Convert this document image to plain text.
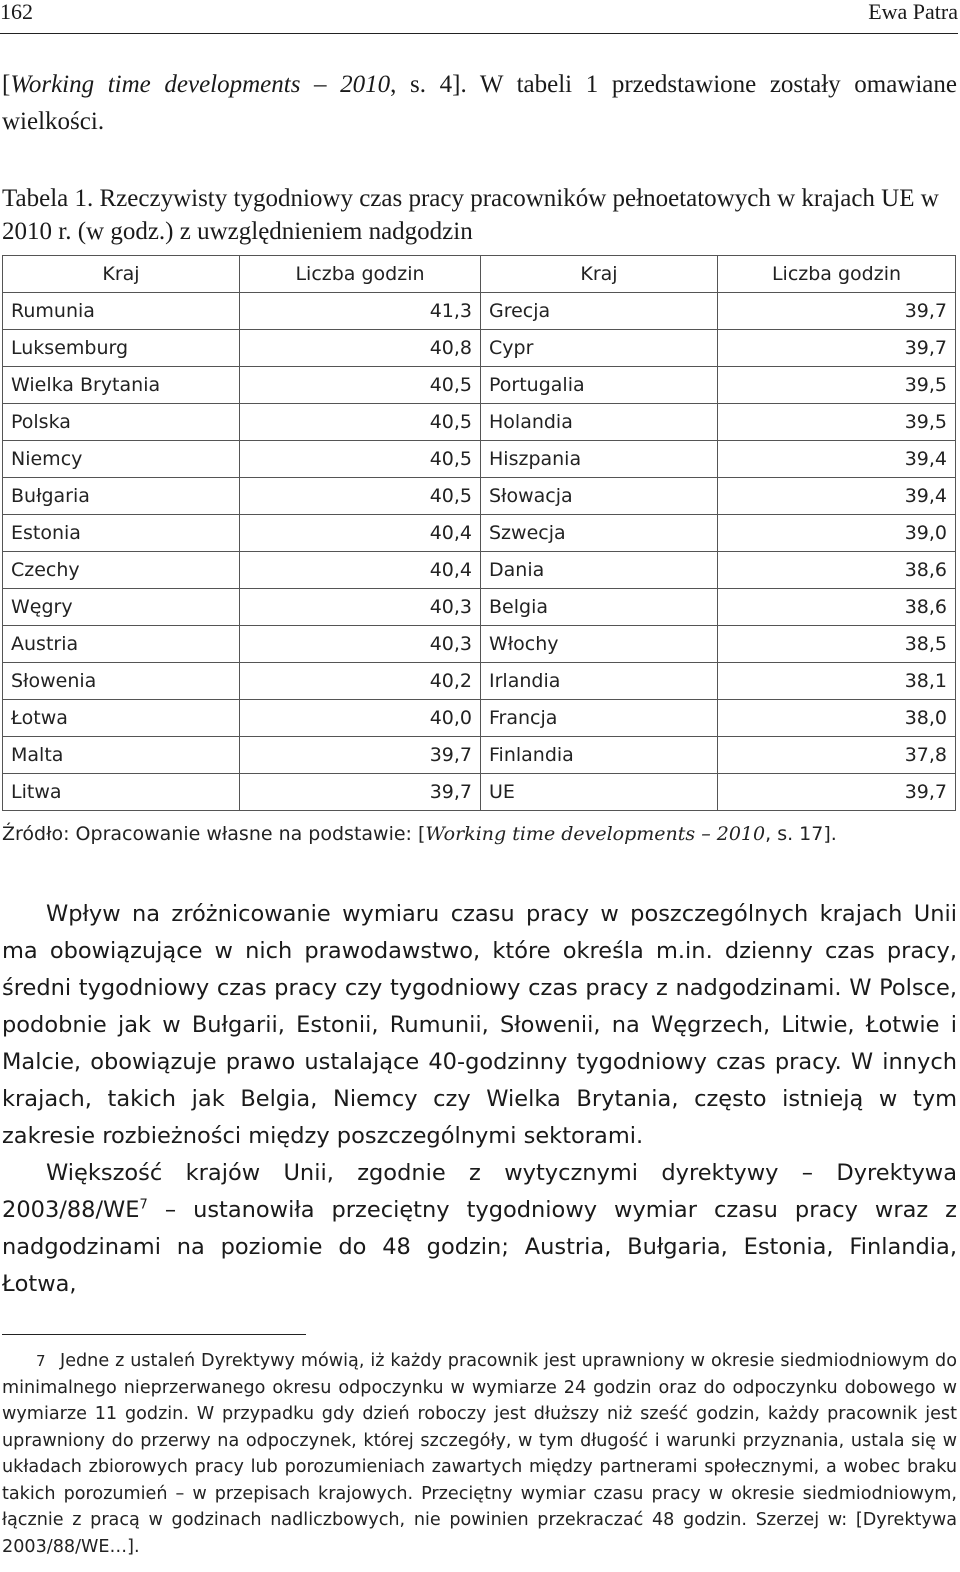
162	Ewa Patra
[Working time developments – 2010, s. 4]. W tabeli 1 przedstawione zostały omawiane wielkości.
Tabela 1. Rzeczywisty tygodniowy czas pracy pracowników pełnoetatowych w krajach UE w 2010 r. (w godz.) z uwzględnieniem nadgodzin
Kraj	Liczba godzin	Kraj	Liczba godzin
Rumunia	41,3	Grecja	39,7
Luksemburg	40,8	Cypr	39,7
Wielka Brytania	40,5	Portugalia	39,5
Polska	40,5	Holandia	39,5
Niemcy	40,5	Hiszpania	39,4
Bułgaria	40,5	Słowacja	39,4
Estonia	40,4	Szwecja	39,0
Czechy	40,4	Dania	38,6
Węgry	40,3	Belgia	38,6
Austria	40,3	Włochy	38,5
Słowenia	40,2	Irlandia	38,1
Łotwa	40,0	Francja	38,0
Malta	39,7	Finlandia	37,8
Litwa	39,7	UE	39,7
Źródło: Opracowanie własne na podstawie: [Working time developments – 2010, s. 17].

Wpływ na zróżnicowanie wymiaru czasu pracy w poszczególnych krajach Unii ma obowiązujące w nich prawodawstwo, które określa m.in. dzienny czas pracy, średni tygodniowy czas pracy czy tygodniowy czas pracy z nadgodzinami. W Polsce, podobnie jak w Bułgarii, Estonii, Rumunii, Słowenii, na Węgrzech, Litwie, Łotwie i Malcie, obowiązuje prawo ustalające 40-godzinny tygodniowy czas pracy. W innych krajach, takich jak Belgia, Niemcy czy Wielka Brytania, często istnieją w tym zakresie rozbieżności między poszczególnymi sektorami.

Większość krajów Unii, zgodnie z wytycznymi dyrektywy – Dyrektywa $2003/88/WE^7$ – ustanowiła przeciętny tygodniowy wymiar czasu pracy wraz z nadgodzinami na poziomie do 48 godzin; Austria, Bułgaria, Estonia, Finlandia, Łotwa,

7 Jedne z ustaleń Dyrektywy mówią, iż każdy pracownik jest uprawniony w okresie siedmiodniowym do minimalnego nieprzerwanego okresu odpoczynku w wymiarze 24 godzin oraz do odpoczynku dobowego w wymiarze 11 godzin. W przypadku gdy dzień roboczy jest dłuższy niż sześć godzin, każdy pracownik jest uprawniony do przerwy na odpoczynek, której szczegóły, w tym długość i warunki przyznania, ustala się w układach zbiorowych pracy lub porozumieniach zawartych między partnerami społecznymi, a wobec braku takich porozumień – w przepisach krajowych. Przeciętny wymiar czasu pracy w okresie siedmiodniowym, łącznie z pracą w godzinach nadliczbowych, nie powinien przekraczać 48 godzin. Szerzej w: [Dyrektywa 2003/88/WE…].
